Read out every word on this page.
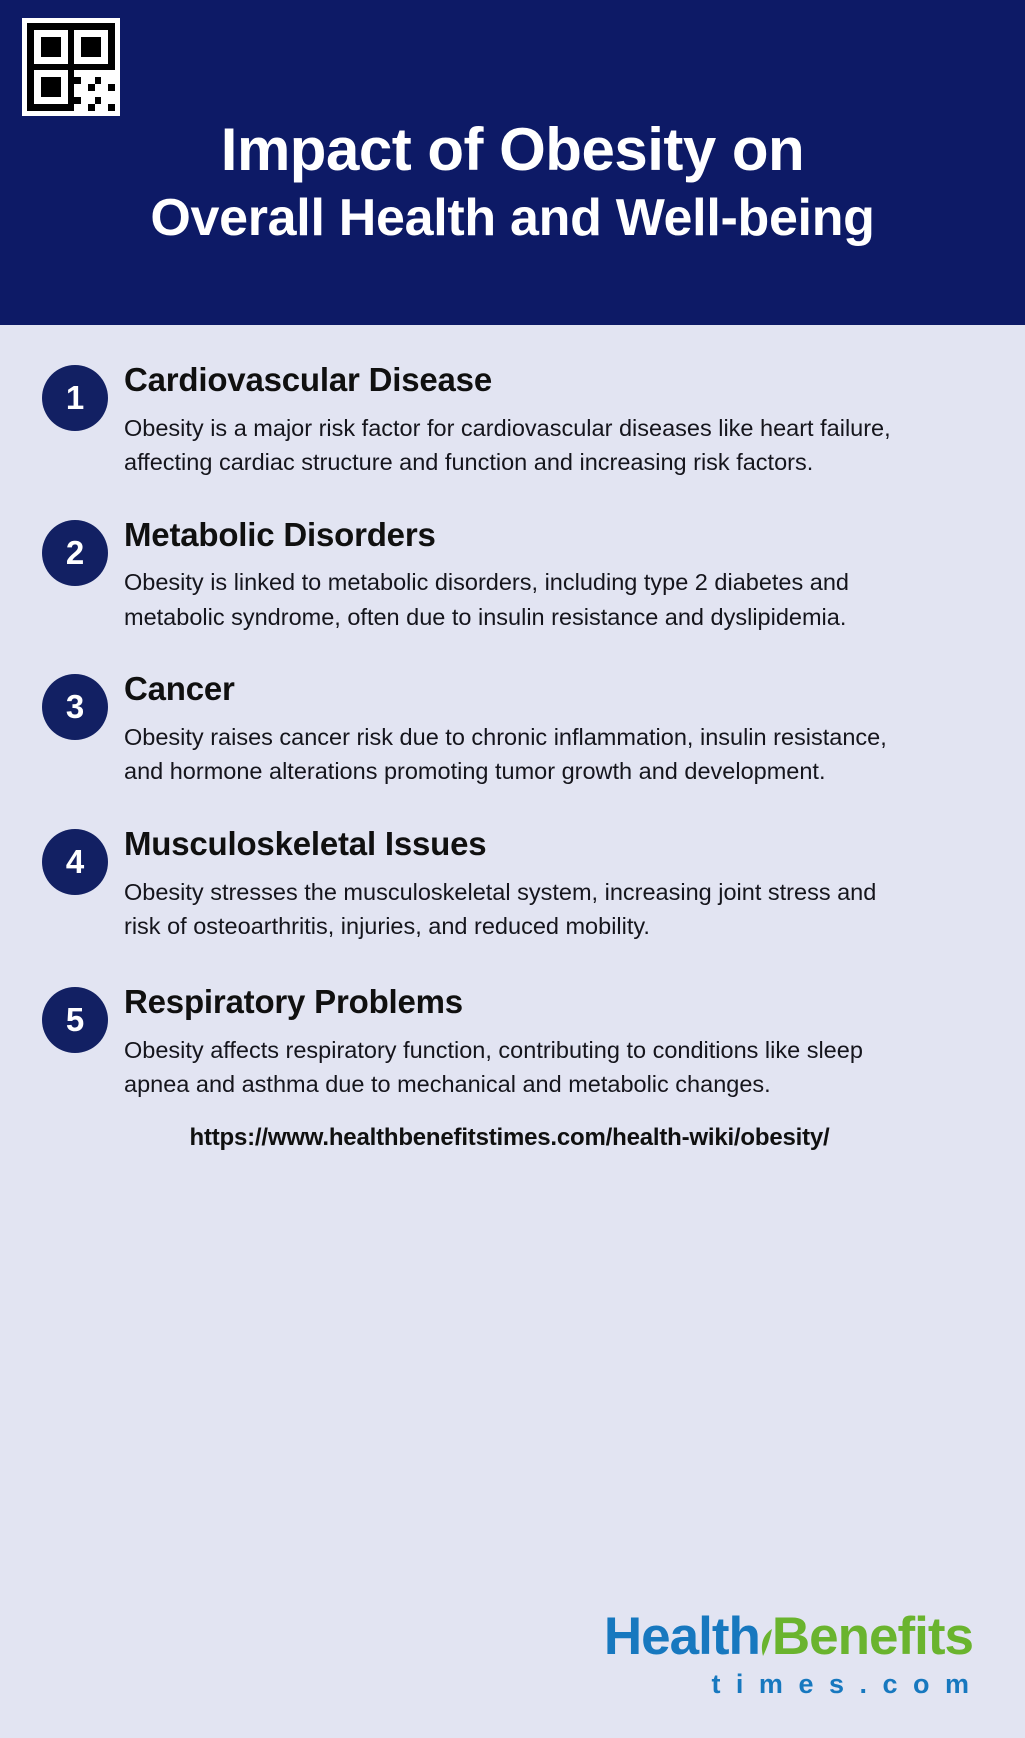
Impact of Obesity on
Overall Health and Well-being
1	Cardiovascular Disease
Obesity is a major risk factor for cardiovascular diseases like heart failure, affecting cardiac structure and function and increasing risk factors.
2	Metabolic Disorders
Obesity is linked to metabolic disorders, including type 2 diabetes and metabolic syndrome, often due to insulin resistance and dyslipidemia.
3	Cancer
Obesity raises cancer risk due to chronic inflammation, insulin resistance, and hormone alterations promoting tumor growth and development.
4	Musculoskeletal Issues
Obesity stresses the musculoskeletal system, increasing joint stress and risk of osteoarthritis, injuries, and reduced mobility.
5	Respiratory Problems
Obesity affects respiratory function, contributing to conditions like sleep apnea and asthma due to mechanical and metabolic changes.
https://www.healthbenefitstimes.com/health-wiki/obesity/
Health Benefits
t i m e s . c o m
